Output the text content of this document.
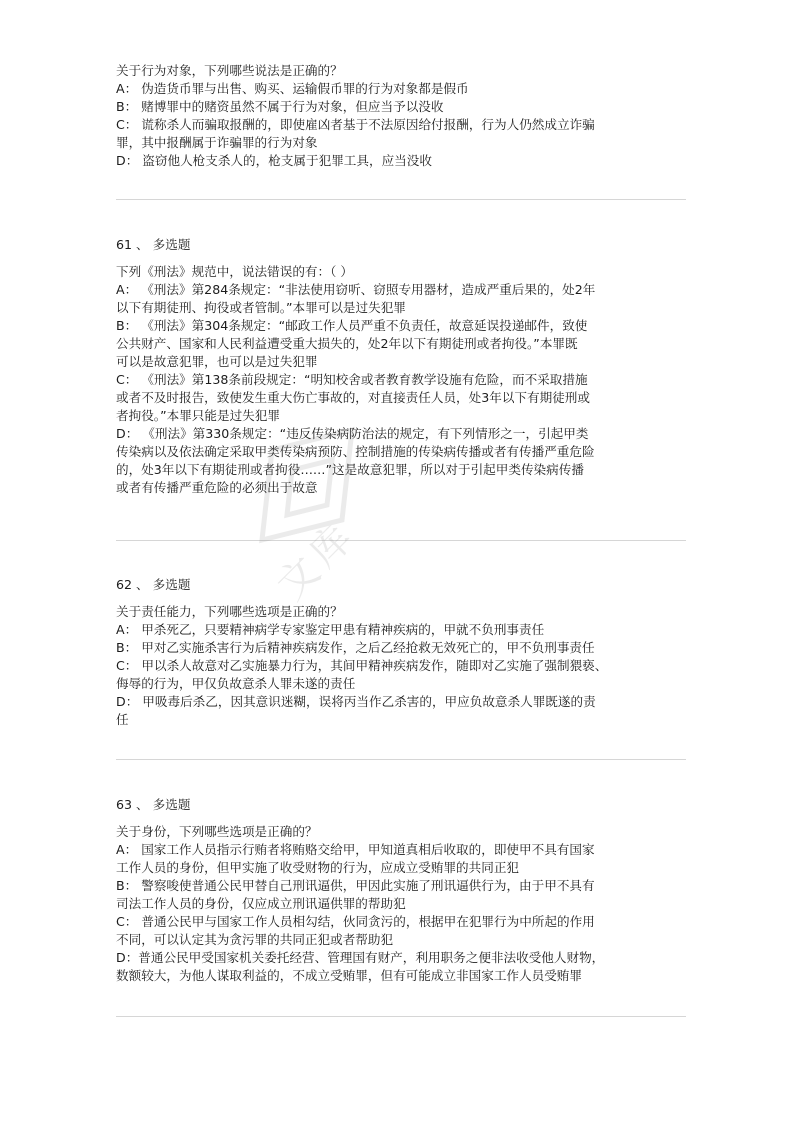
关于行为对象，下列哪些说法是正确的？

A： 伪造货币罪与出售、购买、运输假币罪的行为对象都是假币

B： 赌博罪中的赌资虽然不属于行为对象，但应当予以没收

C： 谎称杀人而骗取报酬的，即使雇凶者基于不法原因给付报酬，行为人仍然成立诈骗

罪，其中报酬属于诈骗罪的行为对象

D： 盗窃他人枪支杀人的，枪支属于犯罪工具，应当没收

61 、 多选题

下列《刑法》规范中，说法错误的有：（ ）

A： 《刑法》第284条规定：“非法使用窃听、窃照专用器材，造成严重后果的，处2年

以下有期徒刑、拘役或者管制。”本罪可以是过失犯罪

B： 《刑法》第304条规定：“邮政工作人员严重不负责任，故意延误投递邮件，致使

公共财产、国家和人民利益遭受重大损失的，处2年以下有期徒刑或者拘役。”本罪既

可以是故意犯罪，也可以是过失犯罪

C： 《刑法》第138条前段规定：“明知校舍或者教育教学设施有危险，而不采取措施

或者不及时报告，致使发生重大伤亡事故的，对直接责任人员，处3年以下有期徒刑或

者拘役。”本罪只能是过失犯罪

D： 《刑法》第330条规定：“违反传染病防治法的规定，有下列情形之一，引起甲类

传染病以及依法确定采取甲类传染病预防、控制措施的传染病传播或者有传播严重危险

的，处3年以下有期徒刑或者拘役……”这是故意犯罪，所以对于引起甲类传染病传播

或者有传播严重危险的必须出于故意

62 、 多选题

关于责任能力，下列哪些选项是正确的？

A： 甲杀死乙，只要精神病学专家鉴定甲患有精神疾病的，甲就不负刑事责任

B： 甲对乙实施杀害行为后精神疾病发作，之后乙经抢救无效死亡的，甲不负刑事责任

C： 甲以杀人故意对乙实施暴力行为，其间甲精神疾病发作，随即对乙实施了强制猥亵、

侮辱的行为，甲仅负故意杀人罪未遂的责任

D： 甲吸毒后杀乙，因其意识迷糊，误将丙当作乙杀害的，甲应负故意杀人罪既遂的责

任

63 、 多选题

关于身份，下列哪些选项是正确的？

A： 国家工作人员指示行贿者将贿赂交给甲，甲知道真相后收取的，即使甲不具有国家

工作人员的身份，但甲实施了收受财物的行为，应成立受贿罪的共同正犯

B： 警察唆使普通公民甲替自己刑讯逼供，甲因此实施了刑讯逼供行为，由于甲不具有

司法工作人员的身份，仅应成立刑讯逼供罪的帮助犯

C： 普通公民甲与国家工作人员相勾结，伙同贪污的，根据甲在犯罪行为中所起的作用

不同，可以认定其为贪污罪的共同正犯或者帮助犯

D：普通公民甲受国家机关委托经营、管理国有财产，利用职务之便非法收受他人财物，

数额较大，为他人谋取利益的，不成立受贿罪，但有可能成立非国家工作人员受贿罪

文库
